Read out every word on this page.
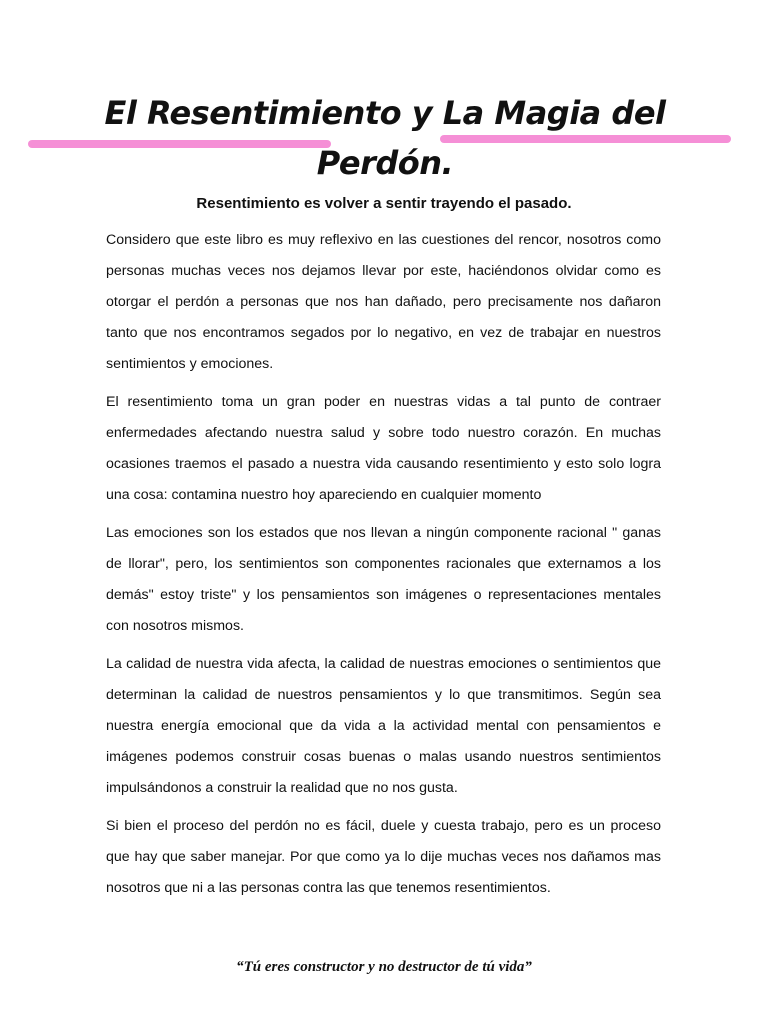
El Resentimiento y La Magia del Perdón.
Resentimiento es volver a sentir trayendo el pasado.

Considero que este libro es muy reflexivo en las cuestiones del rencor, nosotros como personas muchas veces nos dejamos llevar por este, haciéndonos olvidar como es otorgar el perdón a personas que nos han dañado, pero precisamente nos dañaron tanto que nos encontramos segados por lo negativo, en vez de trabajar en nuestros sentimientos y emociones.

El resentimiento toma un gran poder en nuestras vidas a tal punto de contraer enfermedades afectando nuestra salud y sobre todo nuestro corazón. En muchas ocasiones traemos el pasado a nuestra vida causando resentimiento y esto solo logra una cosa: contamina nuestro hoy apareciendo en cualquier momento

Las emociones son los estados que nos llevan a ningún componente racional " ganas de llorar", pero, los sentimientos son componentes racionales que externamos a los demás" estoy triste" y los pensamientos son imágenes o representaciones mentales con nosotros mismos.

La calidad de nuestra vida afecta, la calidad de nuestras emociones o sentimientos que determinan la calidad de nuestros pensamientos y lo que transmitimos. Según sea nuestra energía emocional que da vida a la actividad mental con pensamientos e imágenes podemos construir cosas buenas o malas usando nuestros sentimientos impulsándonos a construir la realidad que no nos gusta.

Si bien el proceso del perdón no es fácil, duele y cuesta trabajo, pero es un proceso que hay que saber manejar. Por que como ya lo dije muchas veces nos dañamos mas nosotros que ni a las personas contra las que tenemos resentimientos.

“Tú eres constructor y no destructor de tú vida”
